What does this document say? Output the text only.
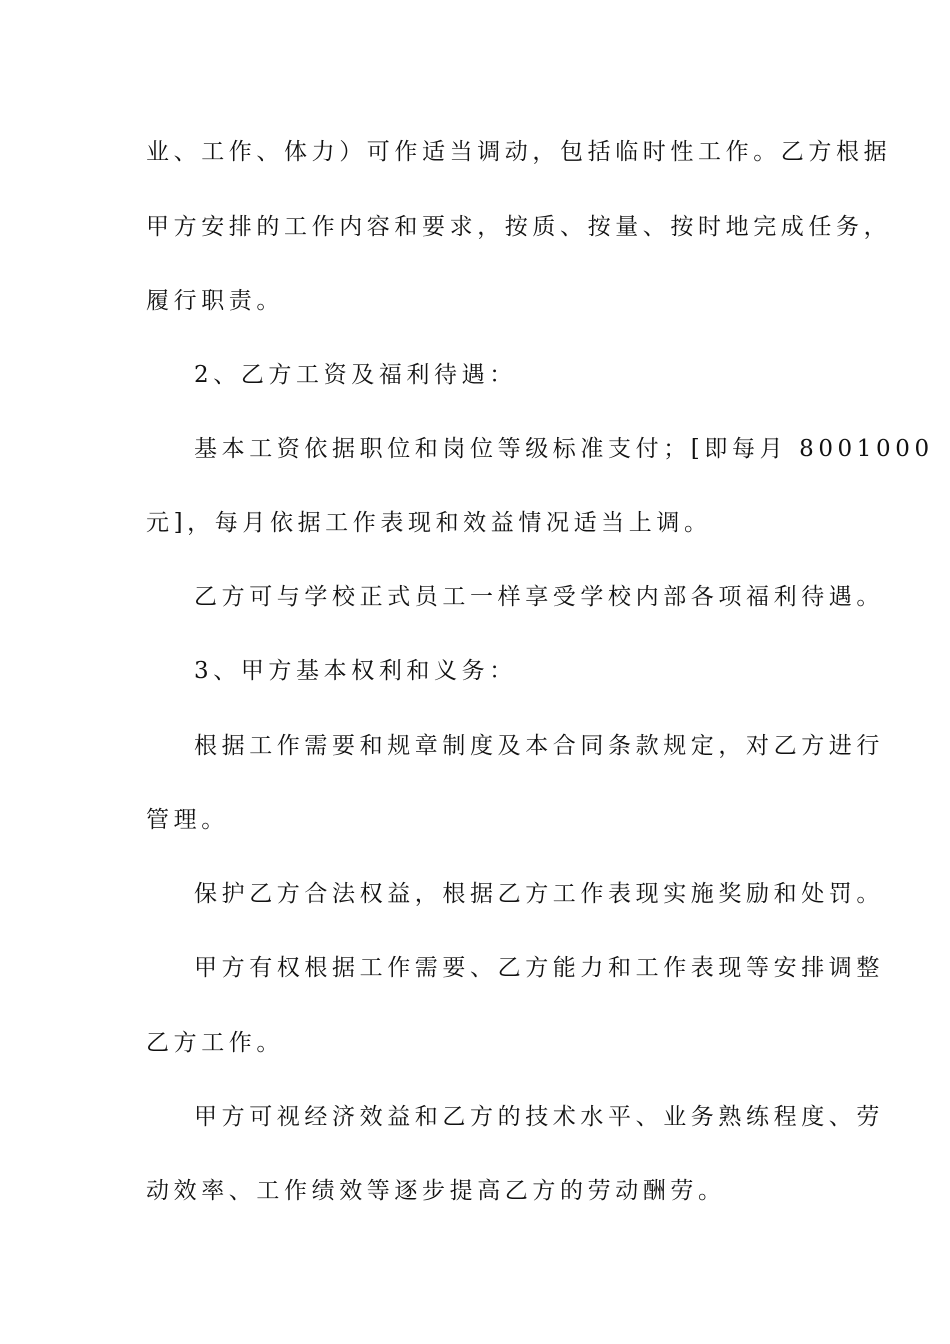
业、工作、体力）可作适当调动，包括临时性工作。乙方根据

甲方安排的工作内容和要求，按质、按量、按时地完成任务，

履行职责。

2、乙方工资及福利待遇：

基本工资依据职位和岗位等级标准支付；[即每月 8001000

元]，每月依据工作表现和效益情况适当上调。

乙方可与学校正式员工一样享受学校内部各项福利待遇。

3、甲方基本权利和义务：

根据工作需要和规章制度及本合同条款规定，对乙方进行

管理。

保护乙方合法权益，根据乙方工作表现实施奖励和处罚。

甲方有权根据工作需要、乙方能力和工作表现等安排调整

乙方工作。

甲方可视经济效益和乙方的技术水平、业务熟练程度、劳

动效率、工作绩效等逐步提高乙方的劳动酬劳。
